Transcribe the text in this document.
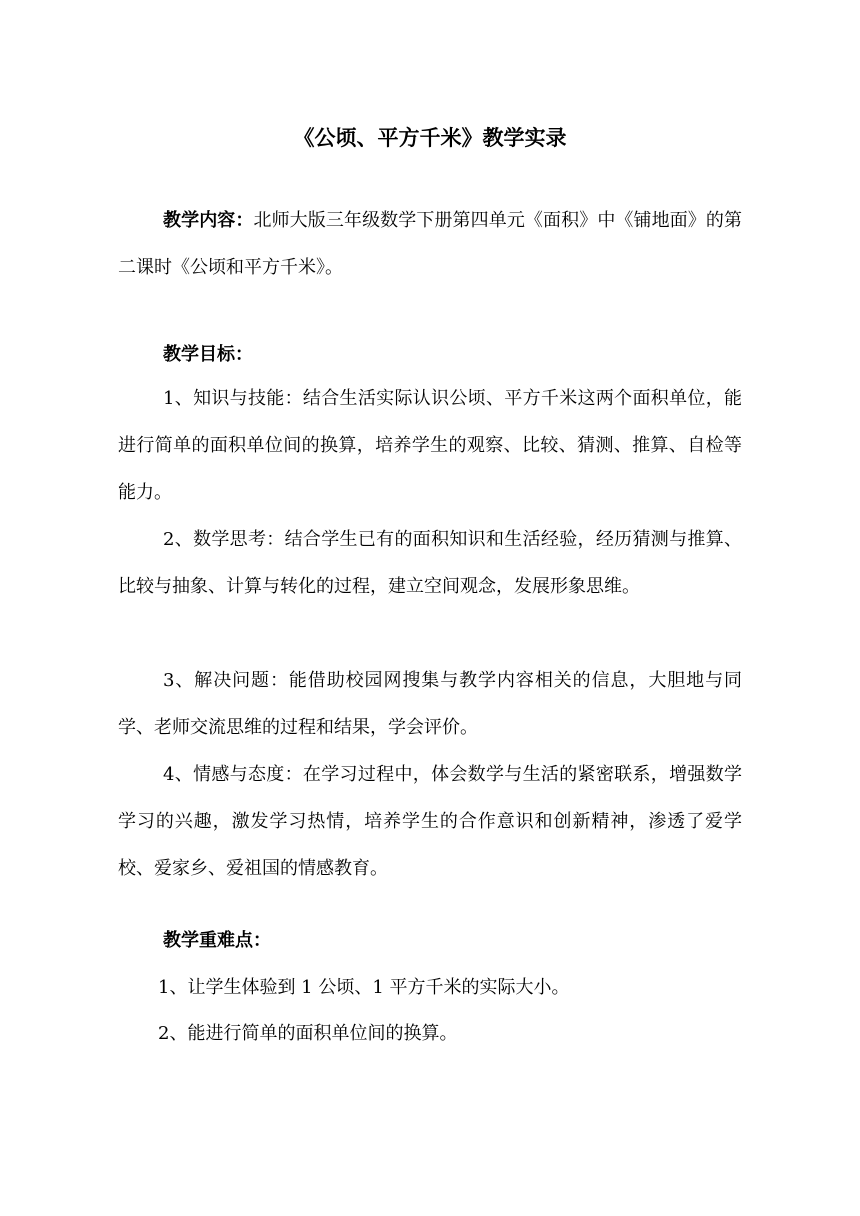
《公顷、平方千米》教学实录

教学内容：北师大版三年级数学下册第四单元《面积》中《铺地面》的第二课时《公顷和平方千米》。

教学目标：

1、知识与技能：结合生活实际认识公顷、平方千米这两个面积单位，能进行简单的面积单位间的换算，培养学生的观察、比较、猜测、推算、自检等能力。

2、数学思考：结合学生已有的面积知识和生活经验，经历猜测与推算、比较与抽象、计算与转化的过程，建立空间观念，发展形象思维。

3、解决问题：能借助校园网搜集与教学内容相关的信息，大胆地与同学、老师交流思维的过程和结果，学会评价。

4、情感与态度：在学习过程中，体会数学与生活的紧密联系，增强数学学习的兴趣，激发学习热情，培养学生的合作意识和创新精神，渗透了爱学校、爱家乡、爱祖国的情感教育。

教学重难点：
1、让学生体验到 1 公顷、1 平方千米的实际大小。
2、能进行简单的面积单位间的换算。
